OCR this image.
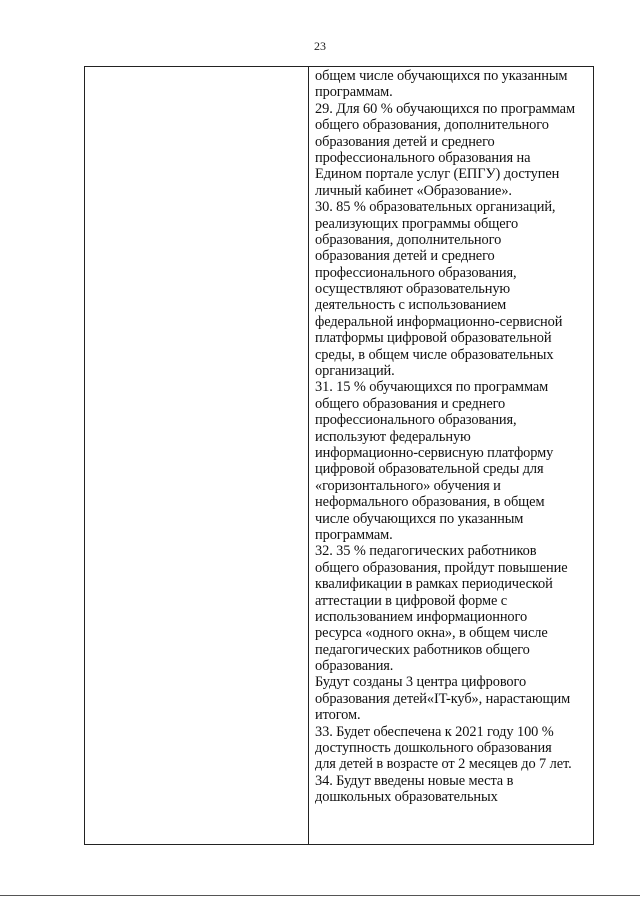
23
общем числе обучающихся по указанным
программам.
29. Для 60 % обучающихся по программам
общего образования, дополнительного
образования детей и среднего
профессионального образования на
Едином портале услуг (ЕПГУ) доступен
личный кабинет «Образование».
30. 85 % образовательных организаций,
реализующих программы общего
образования, дополнительного
образования детей и среднего
профессионального образования,
осуществляют образовательную
деятельность с использованием
федеральной информационно-сервисной
платформы цифровой образовательной
среды, в общем числе образовательных
организаций.
31. 15 % обучающихся по программам
общего образования и среднего
профессионального образования,
используют федеральную
информационно-сервисную платформу
цифровой образовательной среды для
«горизонтального» обучения и
неформального образования, в общем
числе обучающихся по указанным
программам.
32. 35 % педагогических работников
общего образования, пройдут повышение
квалификации в рамках периодической
аттестации в цифровой форме с
использованием информационного
ресурса «одного окна», в общем числе
педагогических работников общего
образования.
Будут созданы 3 центра цифрового
образования детей«IT-куб», нарастающим
итогом.
33. Будет обеспечена к 2021 году 100 %
доступность дошкольного образования
для детей в возрасте от 2 месяцев до 7 лет.
34. Будут введены новые места в
дошкольных образовательных
